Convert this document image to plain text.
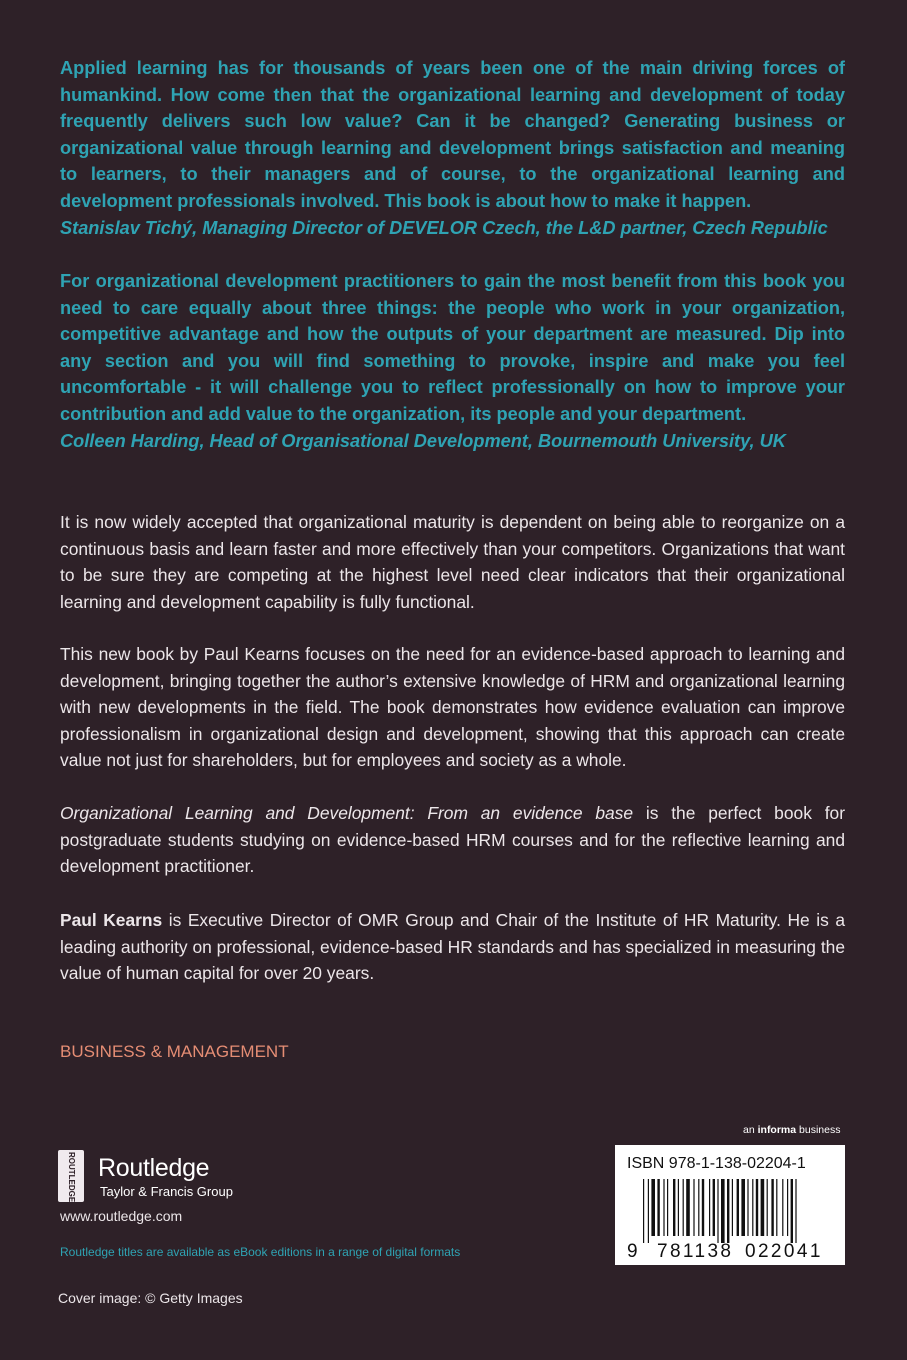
Applied learning has for thousands of years been one of the main driving forces of humankind. How come then that the organizational learning and development of today frequently delivers such low value? Can it be changed? Generating business or organizational value through learning and development brings satisfaction and meaning to learners, to their managers and of course, to the organizational learning and development professionals involved. This book is about how to make it happen.
Stanislav Tichý, Managing Director of DEVELOR Czech, the L&D partner, Czech Republic
For organizational development practitioners to gain the most benefit from this book you need to care equally about three things: the people who work in your organization, competitive advantage and how the outputs of your department are measured. Dip into any section and you will find something to provoke, inspire and make you feel uncomfortable - it will challenge you to reflect professionally on how to improve your contribution and add value to the organization, its people and your department.
Colleen Harding, Head of Organisational Development, Bournemouth University, UK
It is now widely accepted that organizational maturity is dependent on being able to reorganize on a continuous basis and learn faster and more effectively than your competitors. Organizations that want to be sure they are competing at the highest level need clear indicators that their organizational learning and development capability is fully functional.
This new book by Paul Kearns focuses on the need for an evidence-based approach to learning and development, bringing together the author’s extensive knowledge of HRM and organizational learning with new developments in the field. The book demonstrates how evidence evaluation can improve professionalism in organizational design and development, showing that this approach can create value not just for shareholders, but for employees and society as a whole.
Organizational Learning and Development: From an evidence base is the perfect book for postgraduate students studying on evidence-based HRM courses and for the reflective learning and development practitioner.
Paul Kearns is Executive Director of OMR Group and Chair of the Institute of HR Maturity. He is a leading authority on professional, evidence-based HR standards and has specialized in measuring the value of human capital for over 20 years.
BUSINESS & MANAGEMENT
ROUTLEDGE Routledge
Taylor & Francis Group
www.routledge.com
Routledge titles are available as eBook editions in a range of digital formats
Cover image: © Getty Images
an informa business
ISBN 978-1-138-02204-1
9 781138 022041
